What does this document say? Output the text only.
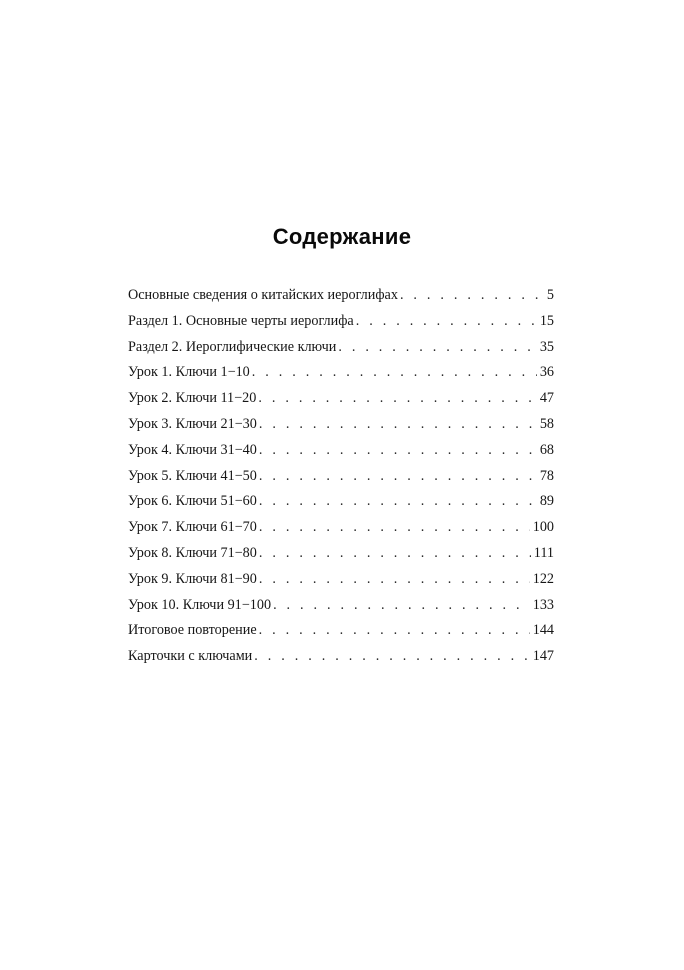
Содержание
Основные сведения о китайских иероглифах . . .	5
Раздел 1. Основные черты иероглифа . . .	15
Раздел 2. Иероглифические ключи . . .	35
Урок 1. Ключи 1−10 . . .	36
Урок 2. Ключи 11−20 . . .	47
Урок 3. Ключи 21−30 . . .	58
Урок 4. Ключи 31−40 . . .	68
Урок 5. Ключи 41−50 . . .	78
Урок 6. Ключи 51−60 . . .	89
Урок 7. Ключи 61−70 . . .	100
Урок 8. Ключи 71−80 . . .	111
Урок 9. Ключи 81−90 . . .	122
Урок 10. Ключи 91−100 . . .	133
Итоговое повторение . . .	144
Карточки с ключами . . .	147
